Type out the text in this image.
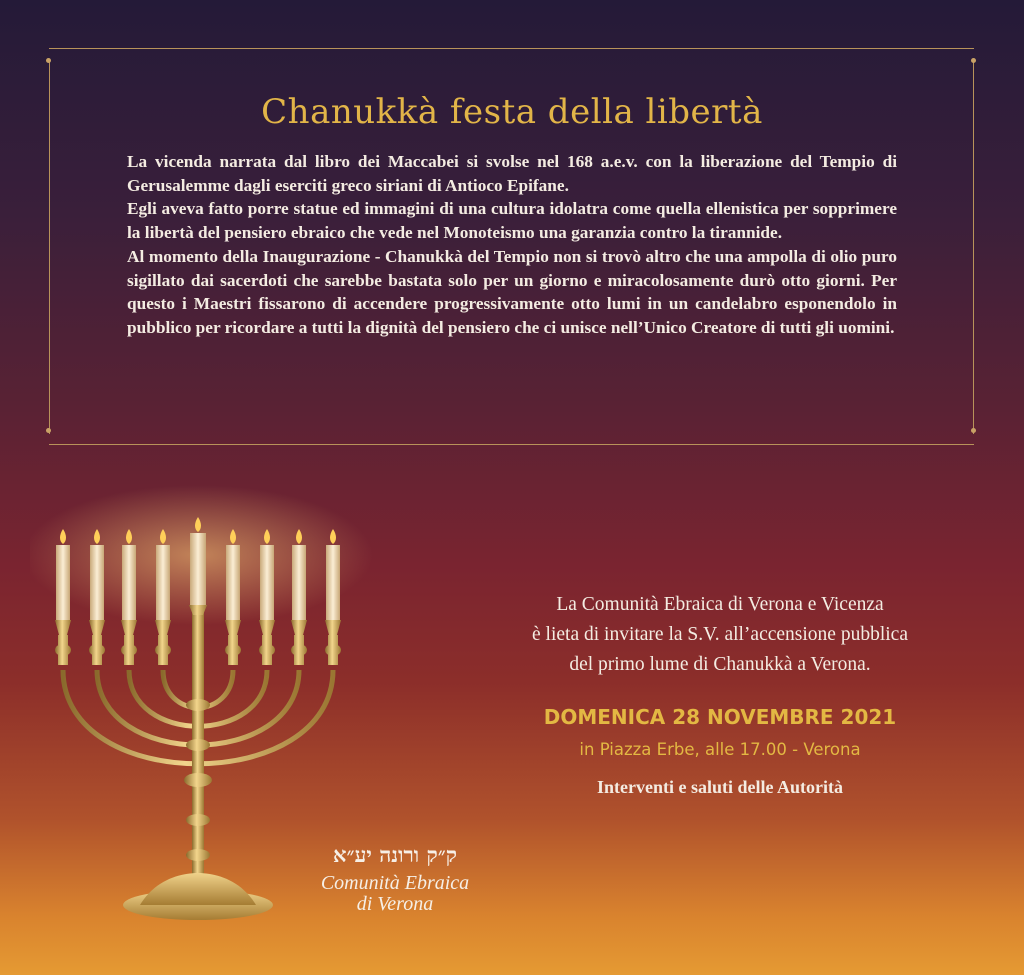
Chanukkà festa della libertà

La vicenda narrata dal libro dei Maccabei si svolse nel 168 a.e.v. con la liberazione del Tempio di Gerusalemme dagli eserciti greco siriani di Antioco Epifane.

Egli aveva fatto porre statue ed immagini di una cultura idolatra come quella ellenistica per sopprimere la libertà del pensiero ebraico che vede nel Monoteismo una garanzia contro la tirannide.

Al momento della Inaugurazione - Chanukkà del Tempio non si trovò altro che una ampolla di olio puro sigillato dai sacerdoti che sarebbe bastata solo per un giorno e miracolosamente durò otto giorni. Per questo i Maestri fissarono di accendere progressivamente otto lumi in un candelabro esponendolo in pubblico per ricordare a tutti la dignità del pensiero che ci unisce nell’Unico Creatore di tutti gli uomini.

La Comunità Ebraica di Verona e Vicenza
è lieta di invitare la S.V. all’accensione pubblica
del primo lume di Chanukkà a Verona.
DOMENICA 28 NOVEMBRE 2021
in Piazza Erbe, alle 17.00 - Verona
Interventi e saluti delle Autorità
ק״ק ורונה יע״א
Comunità Ebraica
di Verona
